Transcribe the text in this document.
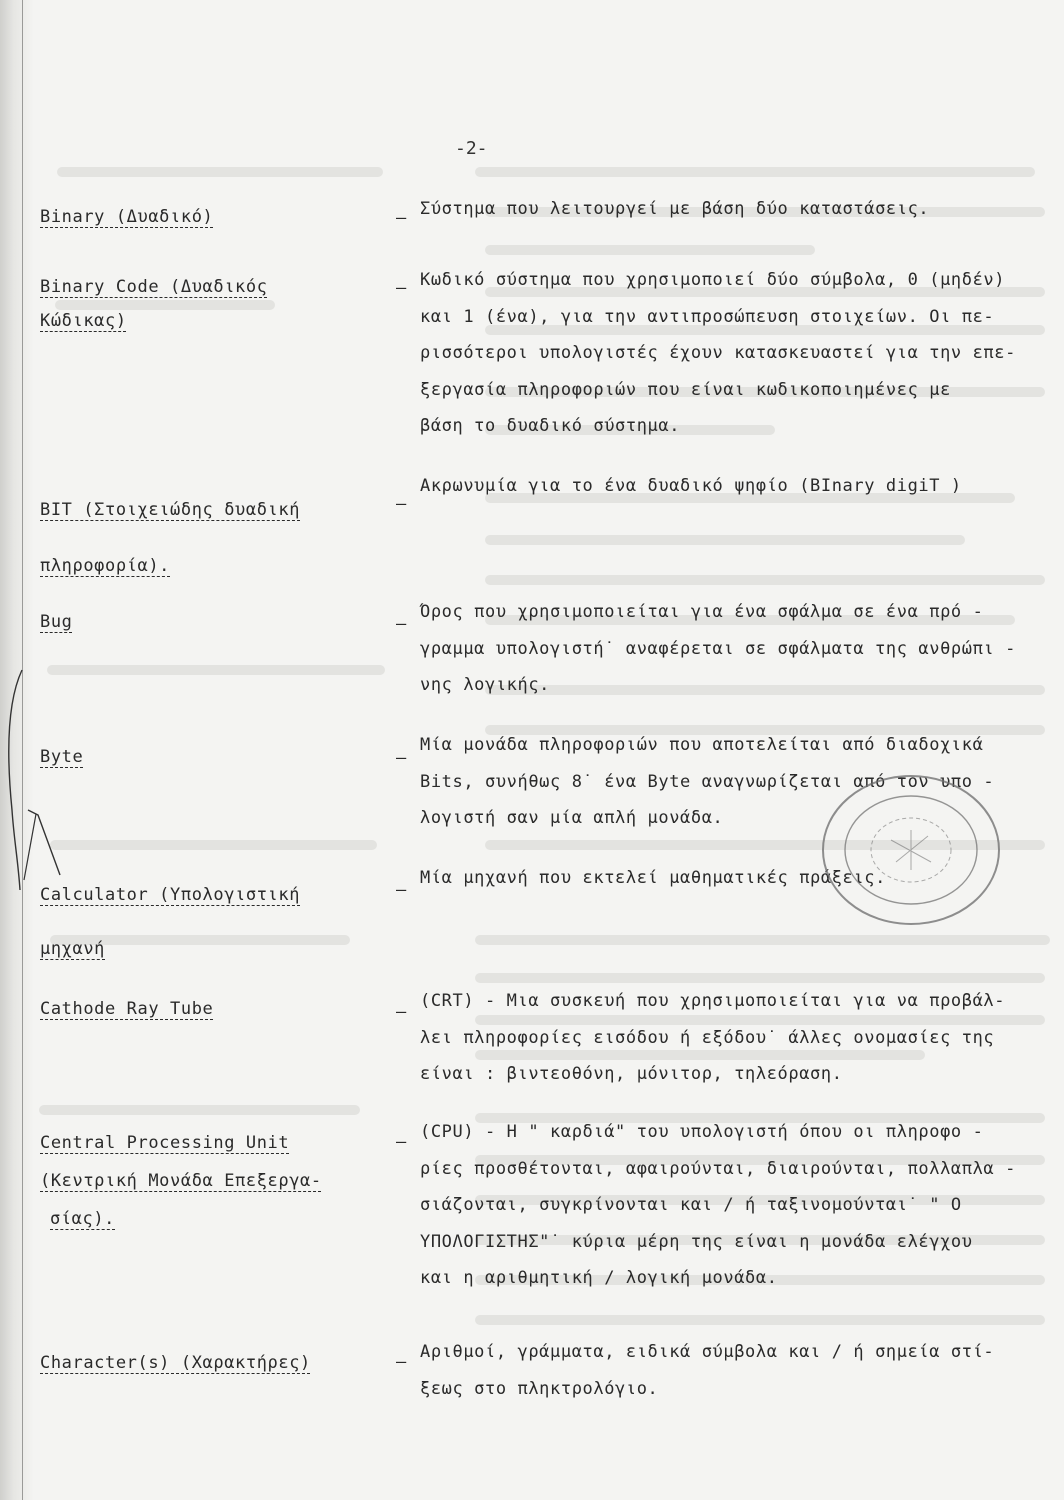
-2-
Binary (Δυαδικό)	– Σύστημα που λειτουργεί με βάση δύο καταστάσεις.
Binary Code (Δυαδικός
Κώδικας)
– Κωδικό σύστημα που χρησιμοποιεί δύο σύμβολα, 0 (μηδέν)
και 1 (ένα), για την αντιπροσώπευση στοιχείων. Οι πε-
ρισσότεροι υπολογιστές έχουν κατασκευαστεί για την επε-
ξεργασία πληροφοριών που είναι κωδικοποιημένες με
βάση το δυαδικό σύστημα.
BIT (Στοιχειώδης δυαδική
πληροφορία).
–
Ακρωνυμία για το ένα δυαδικό ψηφίο (BInary digiT )
Bug	–
Όρος που χρησιμοποιείται για ένα σφάλμα σε ένα πρό -
γραμμα υπολογιστή˙ αναφέρεται σε σφάλματα της ανθρώπι -
νης λογικής.
Byte	–
Μία μονάδα πληροφοριών που αποτελείται από διαδοχικά
Bits, συνήθως 8˙ ένα Byte αναγνωρίζεται από τον υπο -
λογιστή σαν μία απλή μονάδα.
Calculator (Υπολογιστική
μηχανή
–
Μία μηχανή που εκτελεί μαθηματικές πράξεις.
Cathode Ray Tube	–
(CRT) - Μια συσκευή που χρησιμοποιείται για να προβάλ-
λει πληροφορίες εισόδου ή εξόδου˙ άλλες ονομασίες της
είναι : βιντεοθόνη, μόνιτορ, τηλεόραση.
Central Processing Unit
(Κεντρική Μονάδα Επεξεργα-
σίας).
– (CPU) - Η " καρδιά" του υπολογιστή όπου οι πληροφο -
ρίες προσθέτονται, αφαιρούνται, διαιρούνται, πολλαπλα -
σιάζονται, συγκρίνονται και / ή ταξινομούνται˙ " Ο
ΥΠΟΛΟΓΙΣΤΗΣ"˙ κύρια μέρη της είναι η μονάδα ελέγχου
και η αριθμητική / λογική μονάδα.
Character(s) (Χαρακτήρες)	– Αριθμοί, γράμματα, ειδικά σύμβολα και / ή σημεία στί-
ξεως στο πληκτρολόγιο.
